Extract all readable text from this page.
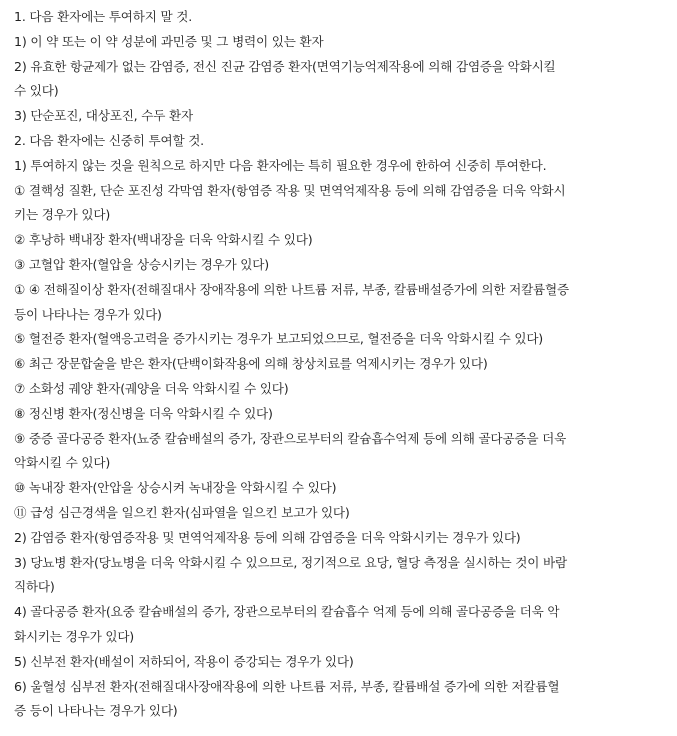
1. 다음 환자에는 투여하지 말 것.

1) 이 약 또는 이 약 성분에 과민증 및 그 병력이 있는 환자

2) 유효한 항균제가 없는 감염증, 전신 진균 감염증 환자(면역기능억제작용에 의해 감염증을 악화시킬

수 있다)

3) 단순포진, 대상포진, 수두 환자

2. 다음 환자에는 신중히 투여할 것.

1) 투여하지 않는 것을 원칙으로 하지만 다음 환자에는 특히 필요한 경우에 한하여 신중히 투여한다.

① 결핵성 질환, 단순 포진성 각막염 환자(항염증 작용 및 면역억제작용 등에 의해 감염증을 더욱 악화시

키는 경우가 있다)

② 후낭하 백내장 환자(백내장을 더욱 악화시킬 수 있다)

③ 고혈압 환자(혈압을 상승시키는 경우가 있다)

① ④ 전해질이상 환자(전해질대사 장애작용에 의한 나트륨 저류, 부종, 칼륨배설증가에 의한 저칼륨혈증

등이 나타나는 경우가 있다)

⑤ 혈전증 환자(혈액응고력을 증가시키는 경우가 보고되었으므로, 혈전증을 더욱 악화시킬 수 있다)

⑥ 최근 장문합술을 받은 환자(단백이화작용에 의해 창상치료를 억제시키는 경우가 있다)

⑦ 소화성 궤양 환자(궤양을 더욱 악화시킬 수 있다)

⑧ 정신병 환자(정신병을 더욱 악화시킬 수 있다)

⑨ 중증 골다공증 환자(뇨중 칼슘배설의 증가, 장관으로부터의 칼슘흡수억제 등에 의해 골다공증을 더욱

악화시킬 수 있다)

⑩ 녹내장 환자(안압을 상승시켜 녹내장을 악화시킬 수 있다)

⑪ 급성 심근경색을 일으킨 환자(심파열을 일으킨 보고가 있다)

2) 감염증 환자(항염증작용 및 면역억제작용 등에 의해 감염증을 더욱 악화시키는 경우가 있다)

3) 당뇨병 환자(당뇨병을 더욱 악화시킬 수 있으므로, 정기적으로 요당, 혈당 측정을 실시하는 것이 바람

직하다)

4) 골다공증 환자(요중 칼슘배설의 증가, 장관으로부터의 칼슘흡수 억제 등에 의해 골다공증을 더욱 악

화시키는 경우가 있다)

5) 신부전 환자(배설이 저하되어, 작용이 증강되는 경우가 있다)

6) 울혈성 심부전 환자(전해질대사장애작용에 의한 나트륨 저류, 부종, 칼륨배설 증가에 의한 저칼륨혈

증 등이 나타나는 경우가 있다)
